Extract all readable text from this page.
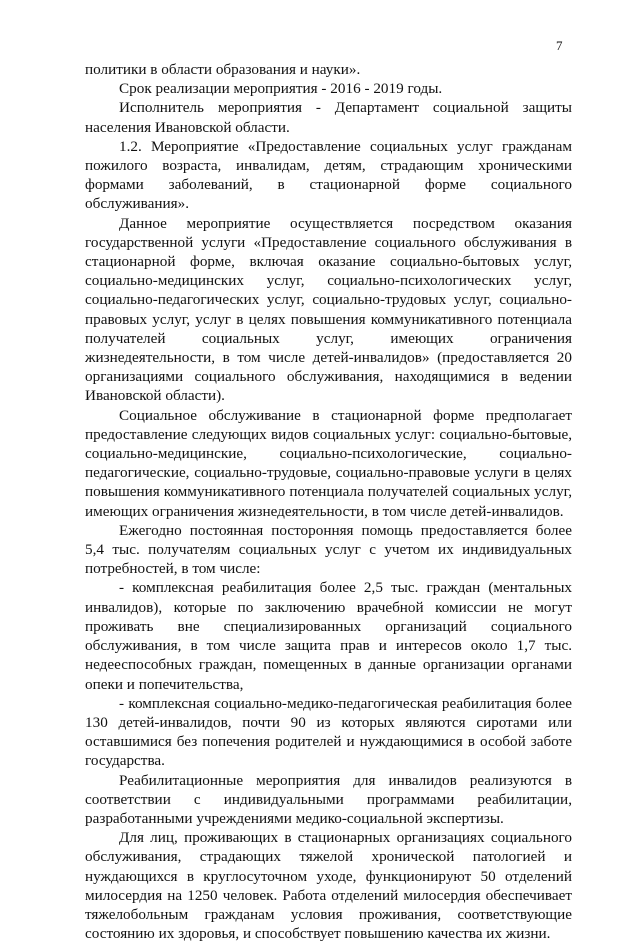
7

политики в области образования и науки».

Срок реализации мероприятия - 2016 - 2019 годы.

Исполнитель мероприятия - Департамент социальной защиты населения Ивановской области.

1.2. Мероприятие «Предоставление социальных услуг гражданам пожилого возраста, инвалидам, детям, страдающим хроническими формами заболеваний, в стационарной форме социального обслуживания».

Данное мероприятие осуществляется посредством оказания государственной услуги «Предоставление социального обслуживания в стационарной форме, включая оказание социально-бытовых услуг, социально-медицинских услуг, социально-психологических услуг, социально-педагогических услуг, социально-трудовых услуг, социально-правовых услуг, услуг в целях повышения коммуникативного потенциала получателей социальных услуг, имеющих ограничения жизнедеятельности, в том числе детей-инвалидов» (предоставляется 20 организациями социального обслуживания, находящимися в ведении Ивановской области).

Социальное обслуживание в стационарной форме предполагает предоставление следующих видов социальных услуг: социально-бытовые, социально-медицинские, социально-психологические, социально-педагогические, социально-трудовые, социально-правовые услуги в целях повышения коммуникативного потенциала получателей социальных услуг, имеющих ограничения жизнедеятельности, в том числе детей-инвалидов.

Ежегодно постоянная посторонняя помощь предоставляется более 5,4 тыс. получателям социальных услуг с учетом их индивидуальных потребностей, в том числе:

- комплексная реабилитация более 2,5 тыс. граждан (ментальных инвалидов), которые по заключению врачебной комиссии не могут проживать вне специализированных организаций социального обслуживания, в том числе защита прав и интересов около 1,7 тыс. недееспособных граждан, помещенных в данные организации органами опеки и попечительства,

- комплексная социально-медико-педагогическая реабилитация более 130 детей-инвалидов, почти 90 из которых являются сиротами или оставшимися без попечения родителей и нуждающимися в особой заботе государства.

Реабилитационные мероприятия для инвалидов реализуются в соответствии с индивидуальными программами реабилитации, разработанными учреждениями медико-социальной экспертизы.

Для лиц, проживающих в стационарных организациях социального обслуживания, страдающих тяжелой хронической патологией и нуждающихся в круглосуточном уходе, функционируют 50 отделений милосердия на 1250 человек. Работа отделений милосердия обеспечивает тяжелобольным гражданам условия проживания, соответствующие состоянию их здоровья, и способствует повышению качества их жизни.
